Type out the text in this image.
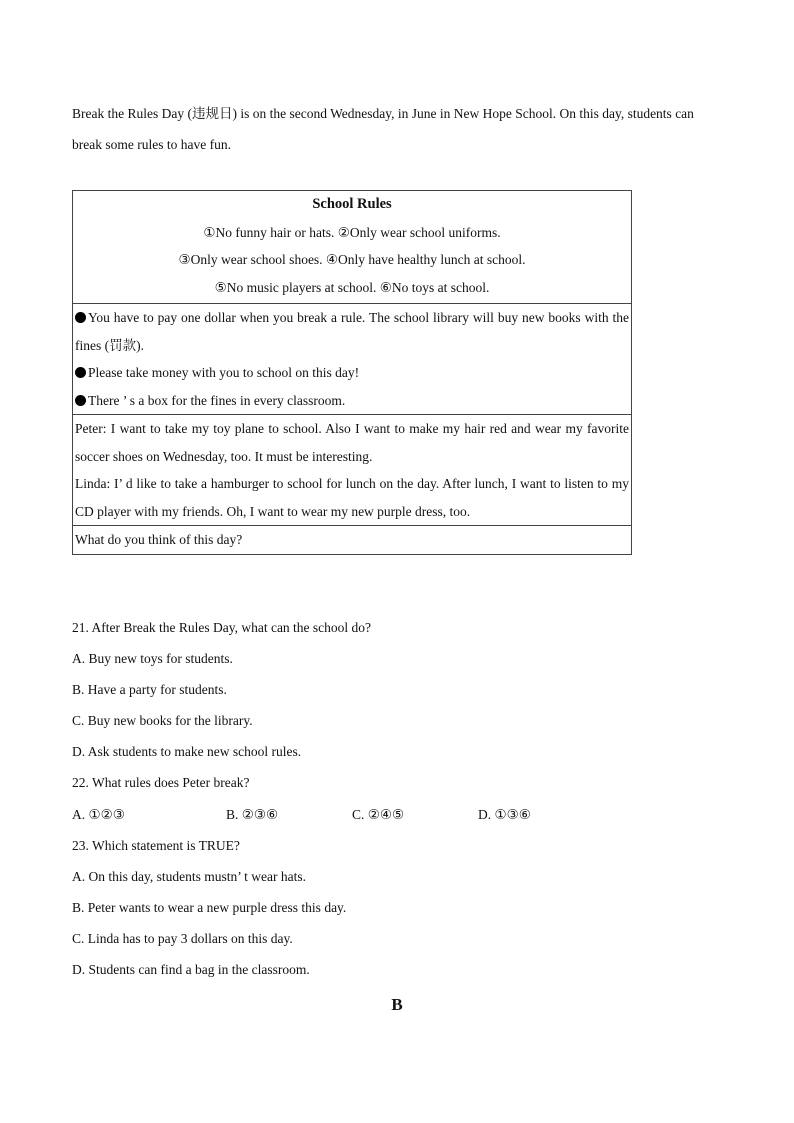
Break the Rules Day (违规日) is on the second Wednesday, in June in New Hope School. On this day, students can
break some rules to have fun.

School Rules
①No funny hair or hats. ②Only wear school uniforms.
③Only wear school shoes. ④Only have healthy lunch at school.
⑤No music players at school. ⑥No toys at school.

You have to pay one dollar when you break a rule. The school library will buy new books with the fines (罚款).

Please take money with you to school on this day!

There ’ s a box for the fines in every classroom.

Peter: I want to take my toy plane to school. Also I want to make my hair red and wear my favorite soccer shoes on Wednesday, too. It must be interesting.

Linda: I’ d like to take a hamburger to school for lunch on the day. After lunch, I want to listen to my CD player with my friends. Oh, I want to wear my new purple dress, too.

What do you think of this day?

21. After Break the Rules Day, what can the school do?
A. Buy new toys for students.
B. Have a party for students.
C. Buy new books for the library.
D. Ask students to make new school rules.
22. What rules does Peter break?
A. ①②③	B. ②③⑥	C. ②④⑤	D. ①③⑥
23. Which statement is TRUE?
A. On this day, students mustn’ t wear hats.
B. Peter wants to wear a new purple dress this day.
C. Linda has to pay 3 dollars on this day.
D. Students can find a bag in the classroom.
B
